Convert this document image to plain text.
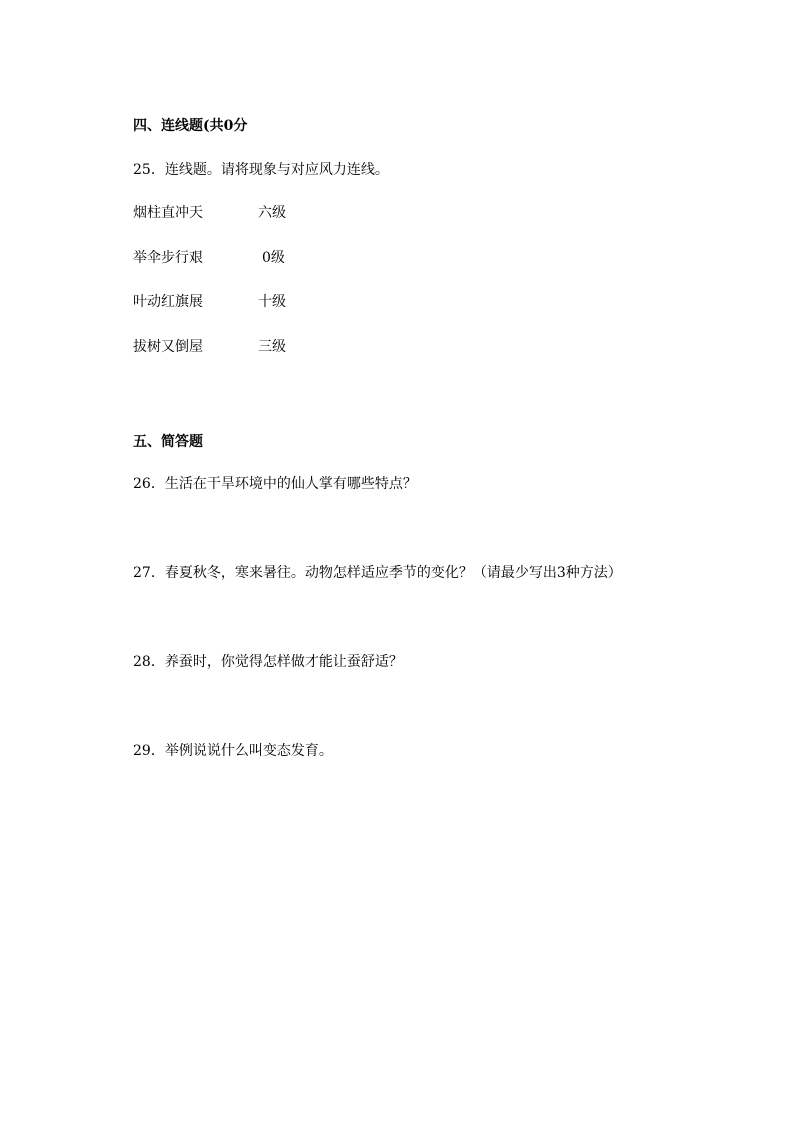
四、连线题(共0分
25．连线题。请将现象与对应风力连线。
烟柱直冲天	六级
举伞步行艰	0级
叶动红旗展	十级
拔树又倒屋	三级
五、简答题
26．生活在干旱环境中的仙人掌有哪些特点？
27．春夏秋冬，寒来暑往。动物怎样适应季节的变化？（请最少写出3种方法）
28．养蚕时，你觉得怎样做才能让蚕舒适？
29．举例说说什么叫变态发育。
